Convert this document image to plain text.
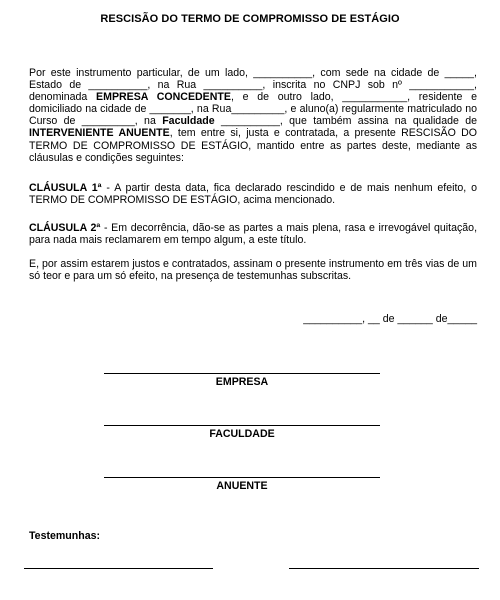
RESCISÃO DO TERMO DE COMPROMISSO DE ESTÁGIO

Por este instrumento particular, de um lado, __________, com sede na cidade de _____, Estado de __________, na Rua __________, inscrita no CNPJ sob nº ___________, denominada EMPRESA CONCEDENTE, e de outro lado, ___________, residente e domiciliado na cidade de _______, na Rua_________, e aluno(a) regularmente matriculado no Curso de _________, na Faculdade __________, que também assina na qualidade de INTERVENIENTE ANUENTE, tem entre si, justa e contratada, a presente RESCISÃO DO TERMO DE COMPROMISSO DE ESTÁGIO, mantido entre as partes deste, mediante as cláusulas e condições seguintes:

CLÁUSULA 1ª - A partir desta data, fica declarado rescindido e de mais nenhum efeito, o TERMO DE COMPROMISSO DE ESTÁGIO, acima mencionado.

CLÁUSULA 2ª - Em decorrência, dão-se as partes a mais plena, rasa e irrevogável quitação, para nada mais reclamarem em tempo algum, a este título.

E, por assim estarem justos e contratados, assinam o presente instrumento em três vias de um só teor e para um só efeito, na presença de testemunhas subscritas.

__________, __ de ______ de_____
EMPRESA
FACULDADE
ANUENTE
Testemunhas:
